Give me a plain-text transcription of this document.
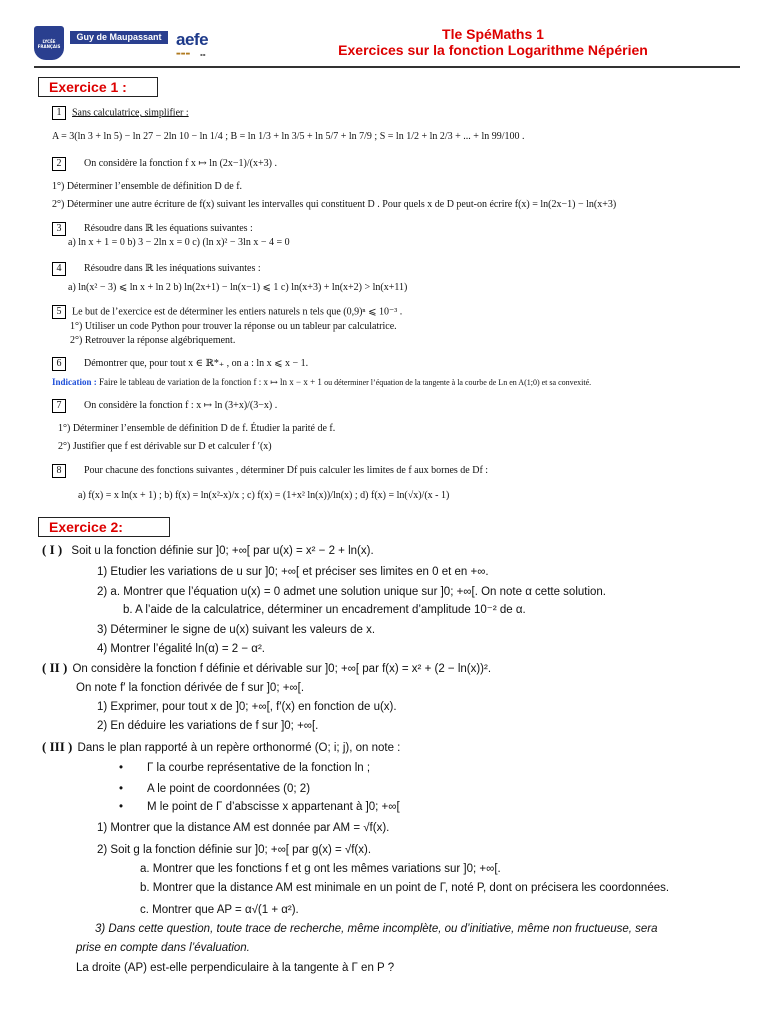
LYCÉE FRANÇAIS
Guy de Maupassant aefe
▬▬▬ ▪▪
Tle SpéMaths 1
Exercices sur la fonction Logarithme Népérien
Exercice 1 :
1 Sans calculatrice, simplifier :
A = 3(ln 3 + ln 5) − ln 27 − 2ln 10 − ln 1/4 ; B = ln 1/3 + ln 3/5 + ln 5/7 + ln 7/9 ; S = ln 1/2 + ln 2/3 + ... + ln 99/100 .
2 On considère la fonction f x ↦ ln (2x−1)/(x+3) .
1°) Déterminer l’ensemble de définition D de f.
2°) Déterminer une autre écriture de f(x) suivant les intervalles qui constituent D . Pour quels x de D peut-on écrire f(x) = ln(2x−1) − ln(x+3)
3 Résoudre dans ℝ les équations suivantes :
a) ln x + 1 = 0 b) 3 − 2ln x = 0 c) (ln x)² − 3ln x − 4 = 0
4 Résoudre dans ℝ les inéquations suivantes :
a) ln(x² − 3) ⩽ ln x + ln 2 b) ln(2x+1) − ln(x−1) ⩽ 1 c) ln(x+3) + ln(x+2) > ln(x+11)
5 Le but de l’exercice est de déterminer les entiers naturels n tels que (0,9)ⁿ ⩽ 10⁻³ .
1°) Utiliser un code Python pour trouver la réponse ou un tableur par calculatrice.
2°) Retrouver la réponse algébriquement.
6 Démontrer que, pour tout x ∈ ℝ*₊ , on a : ln x ⩽ x − 1.
Indication : Faire le tableau de variation de la fonction f : x ↦ ln x − x + 1 ou déterminer l’équation de la tangente à la courbe de Ln en A(1;0) et sa convexité.
7 On considère la fonction f : x ↦ ln (3+x)/(3−x) .
1°) Déterminer l’ensemble de définition D de f. Étudier la parité de f.
2°) Justifier que f est dérivable sur D et calculer f ′(x)
8 Pour chacune des fonctions suivantes , déterminer Df puis calculer les limites de f aux bornes de Df :
a) f(x) = x ln(x + 1) ; b) f(x) = ln(x²-x)/x ; c) f(x) = (1+x² ln(x))/ln(x) ; d) f(x) = ln(√x)/(x - 1)
Exercice 2:
( I ) Soit u la fonction définie sur ]0; +∞[ par u(x) = x² − 2 + ln(x).
1) Etudier les variations de u sur ]0; +∞[ et préciser ses limites en 0 et en +∞.
2) a. Montrer que l’équation u(x) = 0 admet une solution unique sur ]0; +∞[. On note α cette solution.
b. A l’aide de la calculatrice, déterminer un encadrement d’amplitude 10⁻² de α.
3) Déterminer le signe de u(x) suivant les valeurs de x.
4) Montrer l’égalité ln(α) = 2 − α².
( II ) On considère la fonction f définie et dérivable sur ]0; +∞[ par f(x) = x² + (2 − ln(x))².
On note f′ la fonction dérivée de f sur ]0; +∞[.
1) Exprimer, pour tout x de ]0; +∞[, f′(x) en fonction de u(x).
2) En déduire les variations de f sur ]0; +∞[.
( III ) Dans le plan rapporté à un repère orthonormé (O; i; j), on note :
• Γ la courbe représentative de la fonction ln ;
• A le point de coordonnées (0; 2)
• M le point de Γ d’abscisse x appartenant à ]0; +∞[
1) Montrer que la distance AM est donnée par AM = √f(x).
2) Soit g la fonction définie sur ]0; +∞[ par g(x) = √f(x).
a. Montrer que les fonctions f et g ont les mêmes variations sur ]0; +∞[.
b. Montrer que la distance AM est minimale en un point de Γ, noté P, dont on précisera les coordonnées.
c. Montrer que AP = α√(1 + α²).
3) Dans cette question, toute trace de recherche, même incomplète, ou d’initiative, même non fructueuse, sera
prise en compte dans l’évaluation.
La droite (AP) est-elle perpendiculaire à la tangente à Γ en P ?
